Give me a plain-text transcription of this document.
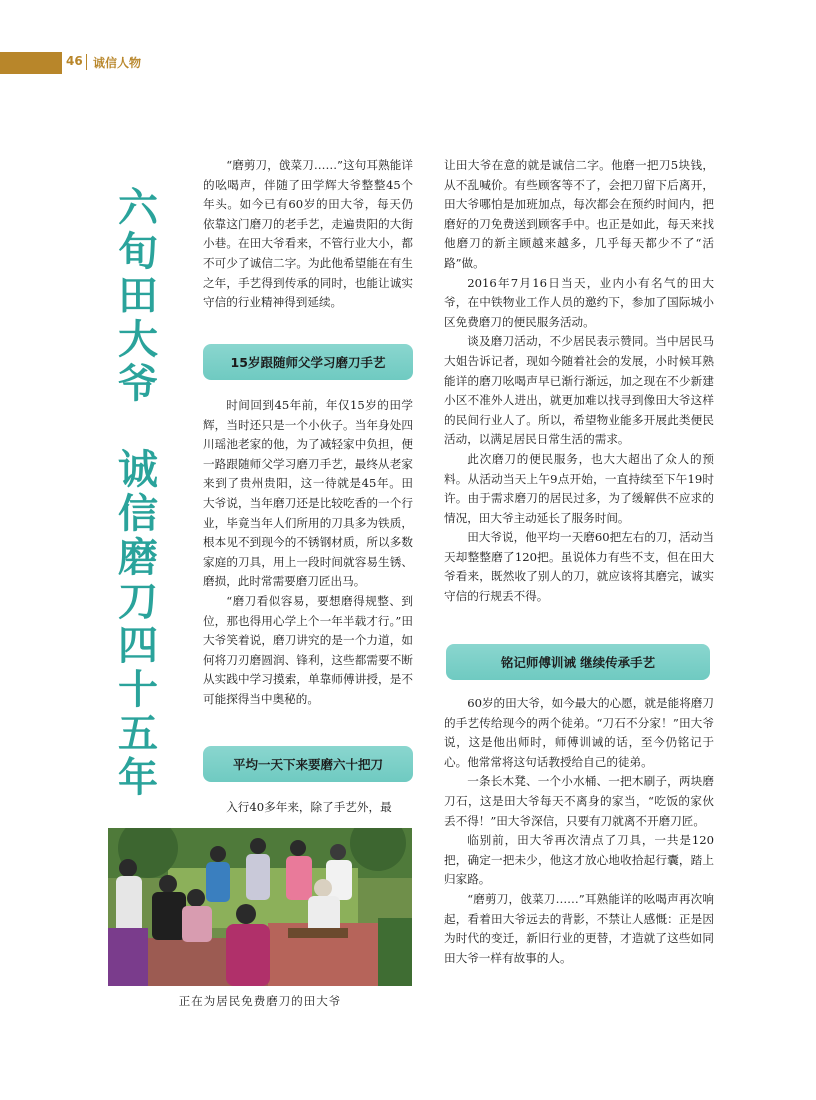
46 诚信人物
六
旬
田
大
爷
诚
信
磨
刀
四
十
五
年

“磨剪刀，戗菜刀……”这句耳熟能详的吆喝声，伴随了田学辉大爷整整45个年头。如今已有60岁的田大爷，每天仍依靠这门磨刀的老手艺，走遍贵阳的大街小巷。在田大爷看来，不管行业大小，都不可少了诚信二字。为此他希望能在有生之年，手艺得到传承的同时，也能让诚实守信的行业精神得到延续。

15岁跟随师父学习磨刀手艺

时间回到45年前，年仅15岁的田学辉，当时还只是一个小伙子。当年身处四川瑶池老家的他，为了减轻家中负担，便一路跟随师父学习磨刀手艺，最终从老家来到了贵州贵阳，这一待就是45年。田大爷说，当年磨刀还是比较吃香的一个行业，毕竟当年人们所用的刀具多为铁质，根本见不到现今的不锈钢材质，所以多数家庭的刀具，用上一段时间就容易生锈、磨损，此时常需要磨刀匠出马。

“磨刀看似容易，要想磨得规整、到位，那也得用心学上个一年半载才行。”田大爷笑着说，磨刀讲究的是一个力道，如何将刀刃磨圆润、锋利，这些都需要不断从实践中学习摸索，单靠师傅讲授，是不可能探得当中奥秘的。

平均一天下来要磨六十把刀

入行40多年来，除了手艺外，最

正在为居民免费磨刀的田大爷

让田大爷在意的就是诚信二字。他磨一把刀5块钱，从不乱喊价。有些顾客等不了，会把刀留下后离开，田大爷哪怕是加班加点，每次都会在预约时间内，把磨好的刀免费送到顾客手中。也正是如此，每天来找他磨刀的新主顾越来越多，几乎每天都少不了“活路”做。

2016年7月16日当天，业内小有名气的田大爷，在中铁物业工作人员的邀约下，参加了国际城小区免费磨刀的便民服务活动。

谈及磨刀活动，不少居民表示赞同。当中居民马大姐告诉记者，现如今随着社会的发展，小时候耳熟能详的磨刀吆喝声早已渐行渐远，加之现在不少新建小区不准外人进出，就更加难以找寻到像田大爷这样的民间行业人了。所以，希望物业能多开展此类便民活动，以满足居民日常生活的需求。

此次磨刀的便民服务，也大大超出了众人的预料。从活动当天上午9点开始，一直持续至下午19时许。由于需求磨刀的居民过多，为了缓解供不应求的情况，田大爷主动延长了服务时间。

田大爷说，他平均一天磨60把左右的刀，活动当天却整整磨了120把。虽说体力有些不支，但在田大爷看来，既然收了别人的刀，就应该将其磨完，诚实守信的行规丢不得。

铭记师傅训诫 继续传承手艺

60岁的田大爷，如今最大的心愿，就是能将磨刀的手艺传给现今的两个徒弟。“刀石不分家！”田大爷说，这是他出师时，师傅训诫的话，至今仍铭记于心。他常常将这句话教授给自己的徒弟。

一条长木凳、一个小水桶、一把木刷子，两块磨刀石，这是田大爷每天不离身的家当，“吃饭的家伙丢不得！”田大爷深信，只要有刀就离不开磨刀匠。

临别前，田大爷再次清点了刀具，一共是120把，确定一把未少，他这才放心地收拾起行囊，踏上归家路。

“磨剪刀，戗菜刀……”耳熟能详的吆喝声再次响起，看着田大爷远去的背影，不禁让人感慨：正是因为时代的变迁，新旧行业的更替，才造就了这些如同田大爷一样有故事的人。
